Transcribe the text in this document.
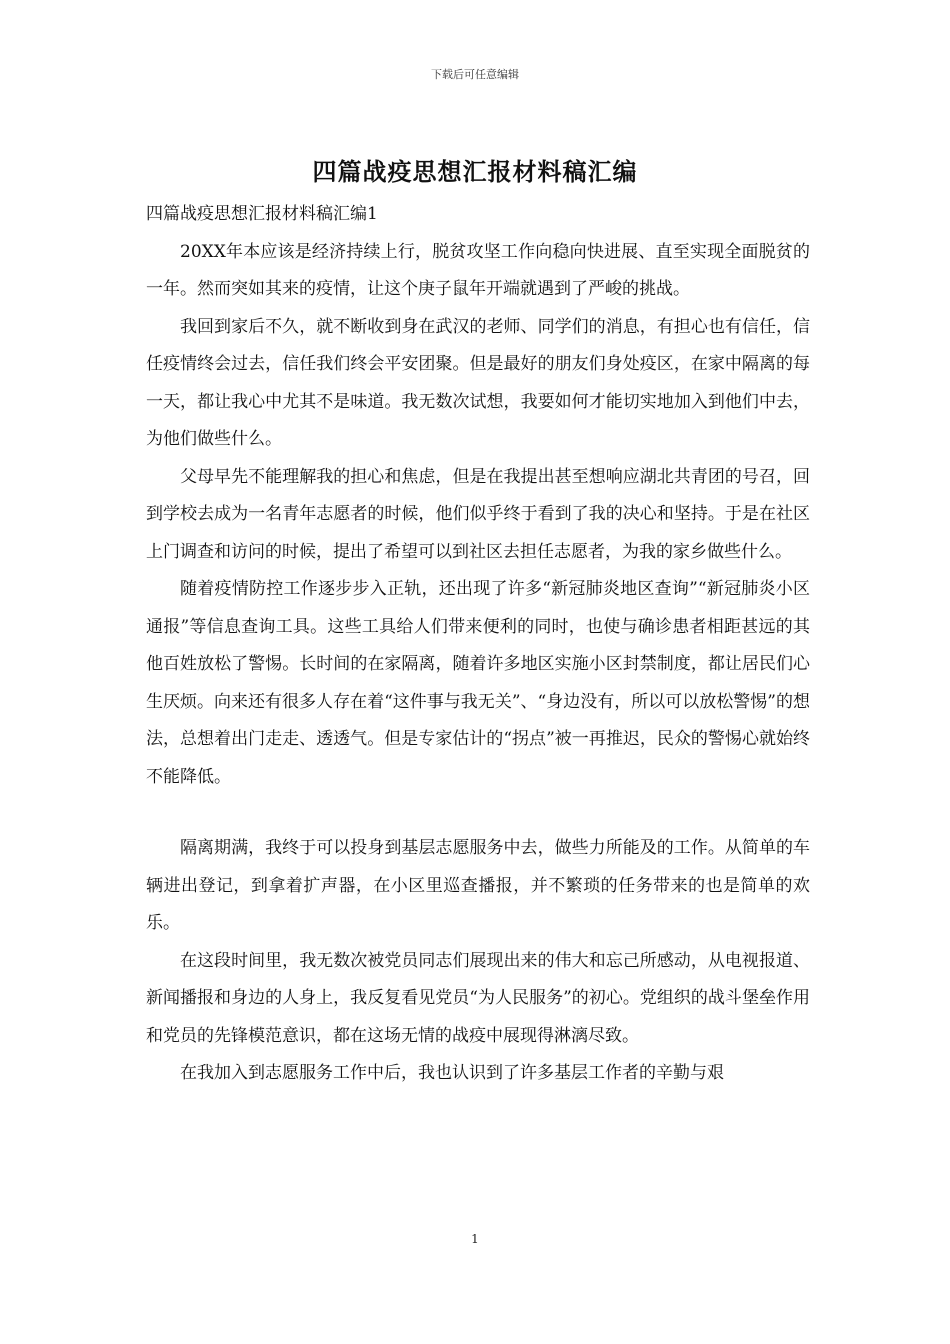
下载后可任意编辑
四篇战疫思想汇报材料稿汇编

四篇战疫思想汇报材料稿汇编1

20XX年本应该是经济持续上行，脱贫攻坚工作向稳向快进展、直至实现全面脱贫的一年。然而突如其来的疫情，让这个庚子鼠年开端就遇到了严峻的挑战。

我回到家后不久，就不断收到身在武汉的老师、同学们的消息，有担心也有信任，信任疫情终会过去，信任我们终会平安团聚。但是最好的朋友们身处疫区，在家中隔离的每一天，都让我心中尤其不是味道。我无数次试想，我要如何才能切实地加入到他们中去，为他们做些什么。

父母早先不能理解我的担心和焦虑，但是在我提出甚至想响应湖北共青团的号召，回到学校去成为一名青年志愿者的时候，他们似乎终于看到了我的决心和坚持。于是在社区上门调查和访问的时候，提出了希望可以到社区去担任志愿者，为我的家乡做些什么。

随着疫情防控工作逐步步入正轨，还出现了许多“新冠肺炎地区查询”“新冠肺炎小区通报”等信息查询工具。这些工具给人们带来便利的同时，也使与确诊患者相距甚远的其他百姓放松了警惕。长时间的在家隔离，随着许多地区实施小区封禁制度，都让居民们心生厌烦。向来还有很多人存在着“这件事与我无关”、“身边没有，所以可以放松警惕”的想法，总想着出门走走、透透气。但是专家估计的“拐点”被一再推迟，民众的警惕心就始终不能降低。

隔离期满，我终于可以投身到基层志愿服务中去，做些力所能及的工作。从简单的车辆进出登记，到拿着扩声器，在小区里巡查播报，并不繁琐的任务带来的也是简单的欢乐。

在这段时间里，我无数次被党员同志们展现出来的伟大和忘己所感动，从电视报道、新闻播报和身边的人身上，我反复看见党员“为人民服务”的初心。党组织的战斗堡垒作用和党员的先锋模范意识，都在这场无情的战疫中展现得淋漓尽致。

在我加入到志愿服务工作中后，我也认识到了许多基层工作者的辛勤与艰

1
